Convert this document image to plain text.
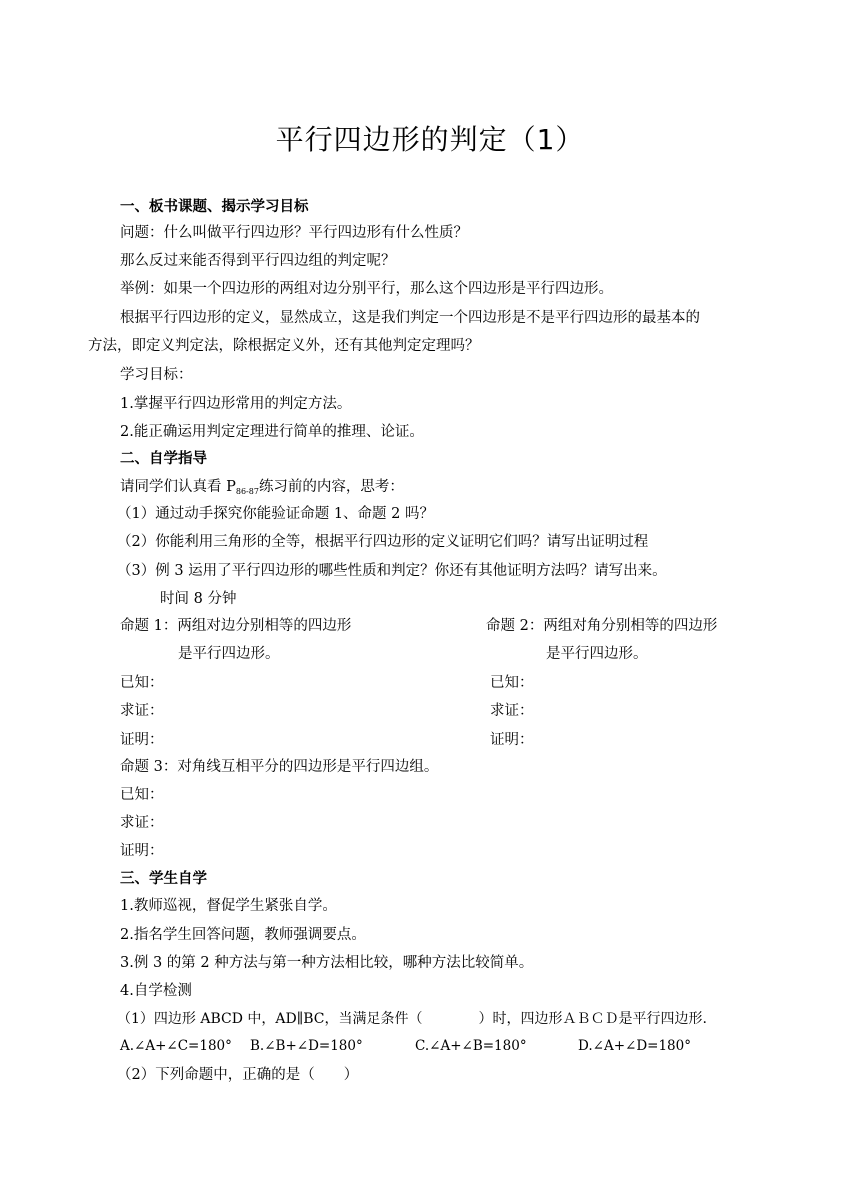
平行四边形的判定（1）
一、板书课题、揭示学习目标
问题：什么叫做平行四边形？平行四边形有什么性质？
那么反过来能否得到平行四边组的判定呢？
举例：如果一个四边形的两组对边分别平行，那么这个四边形是平行四边形。
根据平行四边形的定义，显然成立，这是我们判定一个四边形是不是平行四边形的最基本的
方法，即定义判定法，除根据定义外，还有其他判定定理吗？
学习目标：
1.掌握平行四边形常用的判定方法。
2.能正确运用判定定理进行简单的推理、论证。
二、自学指导
请同学们认真看 $P_{86-87}$练习前的内容，思考：
（1）通过动手探究你能验证命题 1、命题 2 吗？
（2）你能利用三角形的全等，根据平行四边形的定义证明它们吗？请写出证明过程
（3）例 3 运用了平行四边形的哪些性质和判定？你还有其他证明方法吗？请写出来。
时间 8 分钟
命题 1：两组对边分别相等的四边形
是平行四边形。
命题 2：两组对角分别相等的四边形
是平行四边形。
已知：
求证：
证明：
已知：
求证：
证明：
命题 3：对角线互相平分的四边形是平行四边组。
已知：
求证：
证明：
三、学生自学
1.教师巡视，督促学生紧张自学。
2.指名学生回答问题，教师强调要点。
3.例 3 的第 2 种方法与第一种方法相比较，哪种方法比较简单。
4.自学检测
（1）四边形 ABCD 中，AD∥BC，当满足条件（　　　　）时，四边形ＡＢＣＤ是平行四边形.
A.∠A+∠C=180° B.∠B+∠D=180°	C.∠A+∠B=180°	D.∠A+∠D=180°
（2）下列命题中，正确的是（　　）
